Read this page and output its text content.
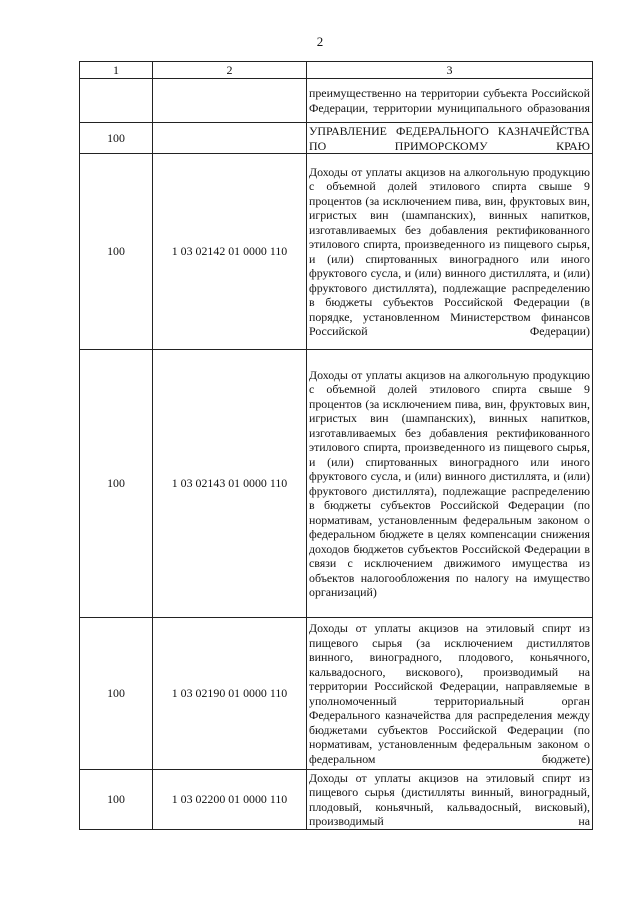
2
1	2	3
		преимущественно на территории субъекта Российской Федерации, территории муниципального образования
100		УПРАВЛЕНИЕ ФЕДЕРАЛЬНОГО КАЗНАЧЕЙСТВА ПО ПРИМОРСКОМУ КРАЮ
100	1 03 02142 01 0000 110	Доходы от уплаты акцизов на алкогольную продукцию с объемной долей этилового спирта свыше 9 процентов (за исключением пива, вин, фруктовых вин, игристых вин (шампанских), винных напитков, изготавливаемых без добавления ректификованного этилового спирта, произведенного из пищевого сырья, и (или) спиртованных виноградного или иного фруктового сусла, и (или) винного дистиллята, и (или) фруктового дистиллята), подлежащие распределению в бюджеты субъектов Российской Федерации (в порядке, установленном Министерством финансов Российской Федерации)
100	1 03 02143 01 0000 110	Доходы от уплаты акцизов на алкогольную продукцию с объемной долей этилового спирта свыше 9 процентов (за исключением пива, вин, фруктовых вин, игристых вин (шампанских), винных напитков, изготавливаемых без добавления ректификованного этилового спирта, произведенного из пищевого сырья, и (или) спиртованных виноградного или иного фруктового сусла, и (или) винного дистиллята, и (или) фруктового дистиллята), подлежащие распределению в бюджеты субъектов Российской Федерации (по нормативам, установленным федеральным законом о федеральном бюджете в целях компенсации снижения доходов бюджетов субъектов Российской Федерации в связи с исключением движимого имущества из объектов налогообложения по налогу на имущество организаций)
100	1 03 02190 01 0000 110	Доходы от уплаты акцизов на этиловый спирт из пищевого сырья (за исключением дистиллятов винного, виноградного, плодового, коньячного, кальвадосного, вискового), производимый на территории Российской Федерации, направляемые в уполномоченный территориальный орган Федерального казначейства для распределения между бюджетами субъектов Российской Федерации (по нормативам, установленным федеральным законом о федеральном бюджете)
100	1 03 02200 01 0000 110	Доходы от уплаты акцизов на этиловый спирт из пищевого сырья (дистилляты винный, виноградный, плодовый, коньячный, кальвадосный, висковый), производимый на
